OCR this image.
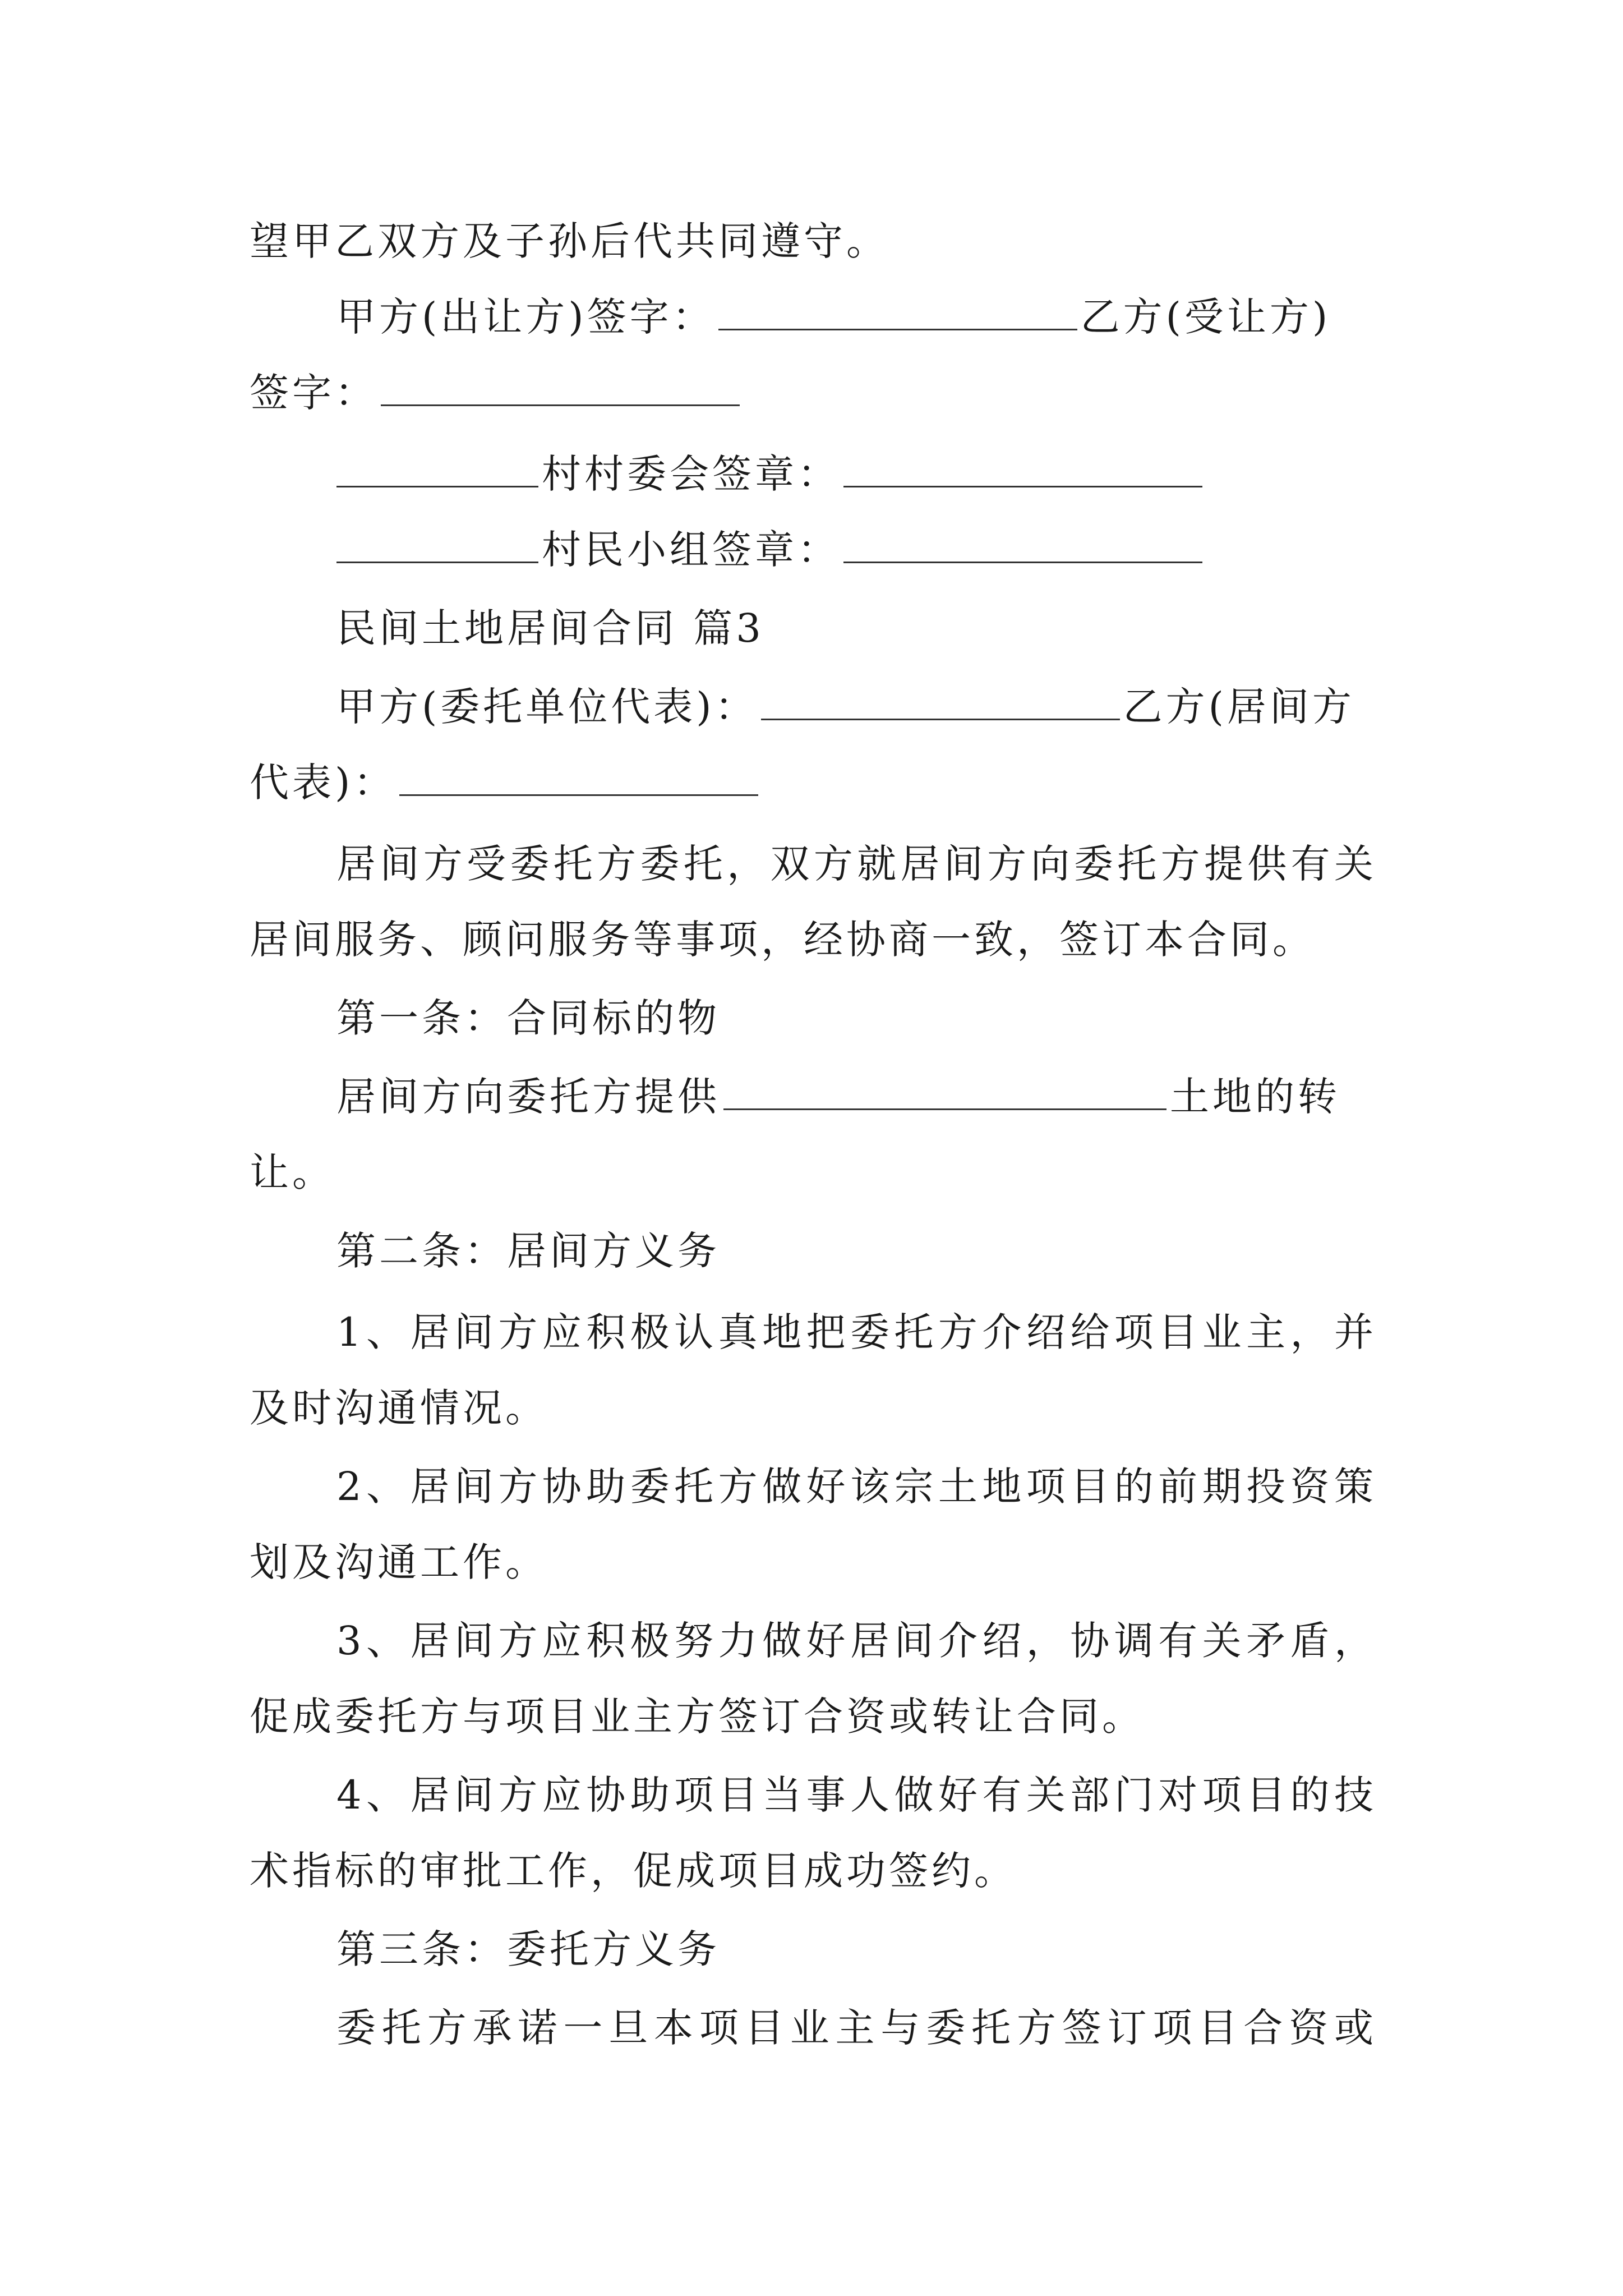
望甲乙双方及子孙后代共同遵守。
甲方(出让方)签字：	乙方(受让方)
签字：
村村委会签章：
村民小组签章：
民间土地居间合同 篇3
甲方(委托单位代表)：	乙方(居间方
代表)：
居间方受委托方委托，双方就居间方向委托方提供有关
居间服务、顾问服务等事项，经协商一致，签订本合同。
第一条：合同标的物
居间方向委托方提供	土地的转
让。
第二条：居间方义务
1、居间方应积极认真地把委托方介绍给项目业主，并
及时沟通情况。
2、居间方协助委托方做好该宗土地项目的前期投资策
划及沟通工作。
3、居间方应积极努力做好居间介绍，协调有关矛盾，
促成委托方与项目业主方签订合资或转让合同。
4、居间方应协助项目当事人做好有关部门对项目的技
术指标的审批工作，促成项目成功签约。
第三条：委托方义务
委托方承诺一旦本项目业主与委托方签订项目合资或
